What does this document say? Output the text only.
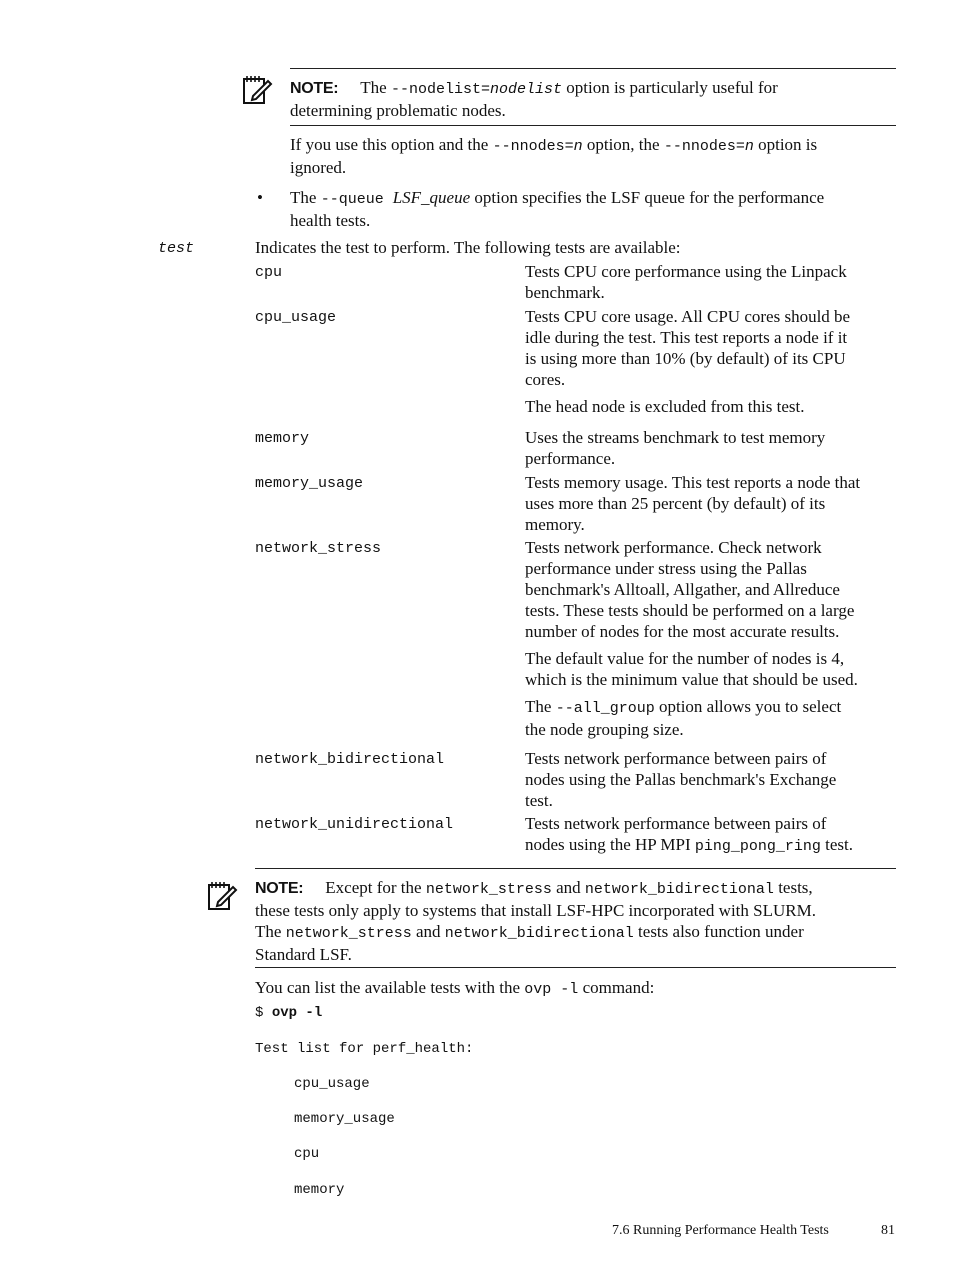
NOTE: The --nodelist=nodelist option is particularly useful for
determining problematic nodes.
If you use this option and the --nnodes=n option, the --nnodes=n option is
ignored.
• The --queue LSF_queue option specifies the LSF queue for the performance
health tests.
test	Indicates the test to perform. The following tests are available:
cpu	Tests CPU core performance using the Linpack
benchmark.
cpu_usage	Tests CPU core usage. All CPU cores should be
idle during the test. This test reports a node if it
is using more than 10% (by default) of its CPU
cores.
The head node is excluded from this test.
memory	Uses the streams benchmark to test memory
performance.
memory_usage	Tests memory usage. This test reports a node that
uses more than 25 percent (by default) of its
memory.
network_stress	Tests network performance. Check network
performance under stress using the Pallas
benchmark's Alltoall, Allgather, and Allreduce
tests. These tests should be performed on a large
number of nodes for the most accurate results.
The default value for the number of nodes is 4,
which is the minimum value that should be used.
The --all_group option allows you to select
the node grouping size.
network_bidirectional	Tests network performance between pairs of
nodes using the Pallas benchmark's Exchange
test.
network_unidirectional	Tests network performance between pairs of
nodes using the HP MPI ping_pong_ring test.
NOTE: Except for the network_stress and network_bidirectional tests,
these tests only apply to systems that install LSF-HPC incorporated with SLURM.
The network_stress and network_bidirectional tests also function under
Standard LSF.
You can list the available tests with the ovp -l command:
$ ovp -l
Test list for perf_health:
cpu_usage
memory_usage
cpu
memory
7.6 Running Performance Health Tests	81
